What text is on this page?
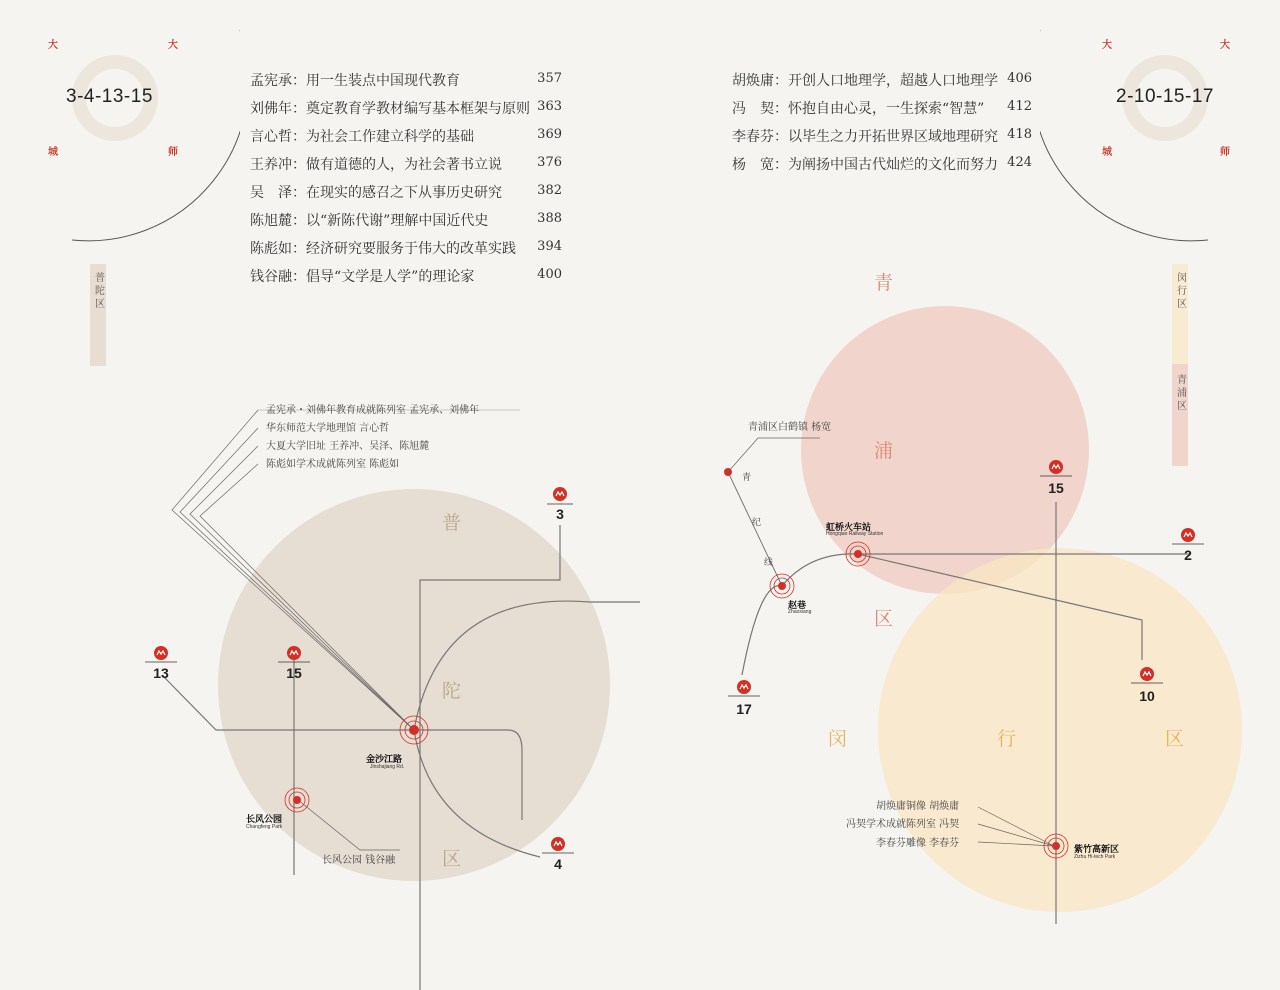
大	大
城	师
3-4-13-15
孟宪承：用一生装点中国现代教育	357
刘佛年：奠定教育学教材编写基本框架与原则 363
言心哲：为社会工作建立科学的基础	369
王养冲：做有道德的人，为社会著书立说	376
吴　泽：在现实的感召之下从事历史研究	382
陈旭麓：以“新陈代谢”理解中国近代史	388
陈彪如：经济研究要服务于伟大的改革实践	394
钱谷融：倡导“文学是人学”的理论家	400
普陀区
3
13	15
4
普
陀
区
孟宪承・刘佛年教育成就陈列室 孟宪承、刘佛年
华东师范大学地理馆 言心哲
大夏大学旧址 王养冲、吴泽、陈旭麓
陈彪如学术成就陈列室 陈彪如
金沙江路
Jinshajiang Rd.
长风公园
Changfeng Park
长风公园 钱谷融
大	大
城	师
2-10-15-17
胡焕庸：开创人口地理学，超越人口地理学 406
冯　契：怀抱自由心灵，一生探索“智慧”	412
李春芬：以毕生之力开拓世界区域地理研究 418
杨　宽：为阐扬中国古代灿烂的文化而努力 424
闵行区
青浦区
15
2
10
17
青
浦
区
闵	行	区
青浦区白鹤镇 杨宽
青
纪
线
虹桥火车站
Hongqiao Railway Station
赵巷
Zhaoxiang
紫竹高新区
Zizhu Hi-tech Park
胡焕庸铜像 胡焕庸
冯契学术成就陈列室 冯契
李春芬雕像 李春芬
